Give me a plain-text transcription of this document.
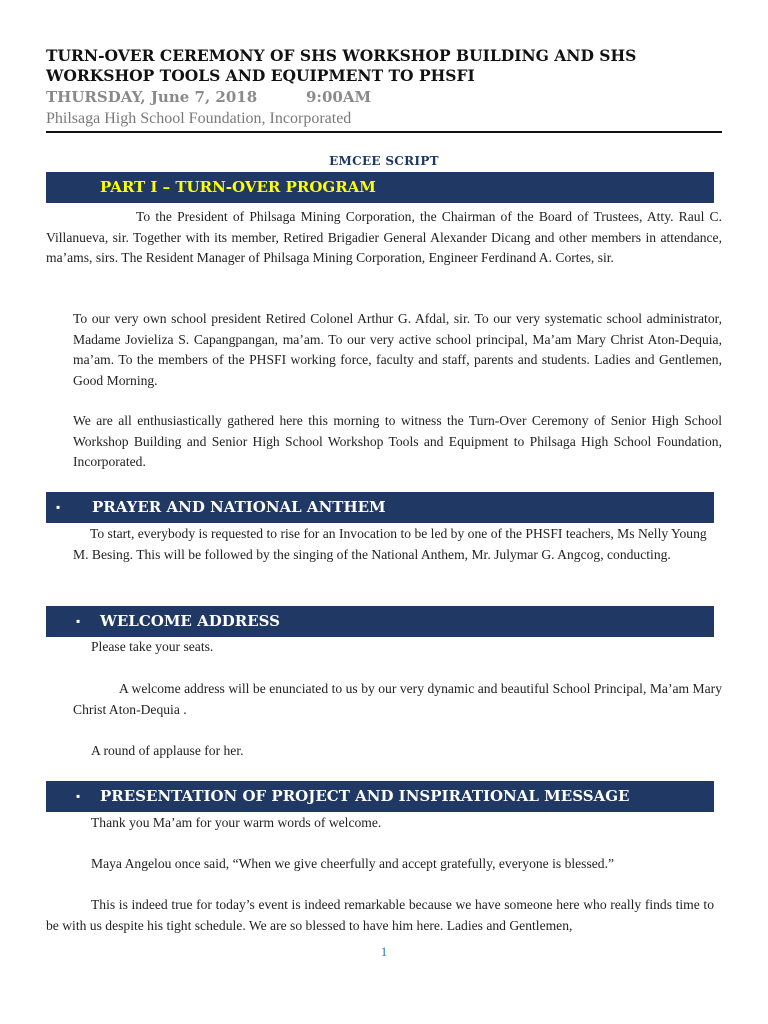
TURN-OVER CEREMONY OF SHS WORKSHOP BUILDING AND SHS WORKSHOP TOOLS AND EQUIPMENT TO PHSFI
THURSDAY, June 7, 2018	9:00AM
Philsaga High School Foundation, Incorporated
EMCEE SCRIPT
PART I – TURN-OVER PROGRAM

To the President of Philsaga Mining Corporation, the Chairman of the Board of Trustees, Atty. Raul C. Villanueva, sir. Together with its member, Retired Brigadier General Alexander Dicang and other members in attendance, ma’ams, sirs. The Resident Manager of Philsaga Mining Corporation, Engineer Ferdinand A. Cortes, sir.

To our very own school president Retired Colonel Arthur G. Afdal, sir. To our very systematic school administrator, Madame Jovieliza S. Capangpangan, ma’am. To our very active school principal, Ma’am Mary Christ Aton-Dequia, ma’am. To the members of the PHSFI working force, faculty and staff, parents and students. Ladies and Gentlemen, Good Morning.

We are all enthusiastically gathered here this morning to witness the Turn-Over Ceremony of Senior High School Workshop Building and Senior High School Workshop Tools and Equipment to Philsaga High School Foundation, Incorporated.

▪ PRAYER AND NATIONAL ANTHEM

To start, everybody is requested to rise for an Invocation to be led by one of the PHSFI teachers, Ms Nelly Young M. Besing. This will be followed by the singing of the National Anthem, Mr. Julymar G. Angcog, conducting.

▪ WELCOME ADDRESS

Please take your seats.

A welcome address will be enunciated to us by our very dynamic and beautiful School Principal, Ma’am Mary Christ Aton-Dequia .

A round of applause for her.

▪ PRESENTATION OF PROJECT AND INSPIRATIONAL MESSAGE

Thank you Ma’am for your warm words of welcome.

Maya Angelou once said, “When we give cheerfully and accept gratefully, everyone is blessed.”

This is indeed true for today’s event is indeed remarkable because we have someone here who really finds time to be with us despite his tight schedule. We are so blessed to have him here. Ladies and Gentlemen,

1
